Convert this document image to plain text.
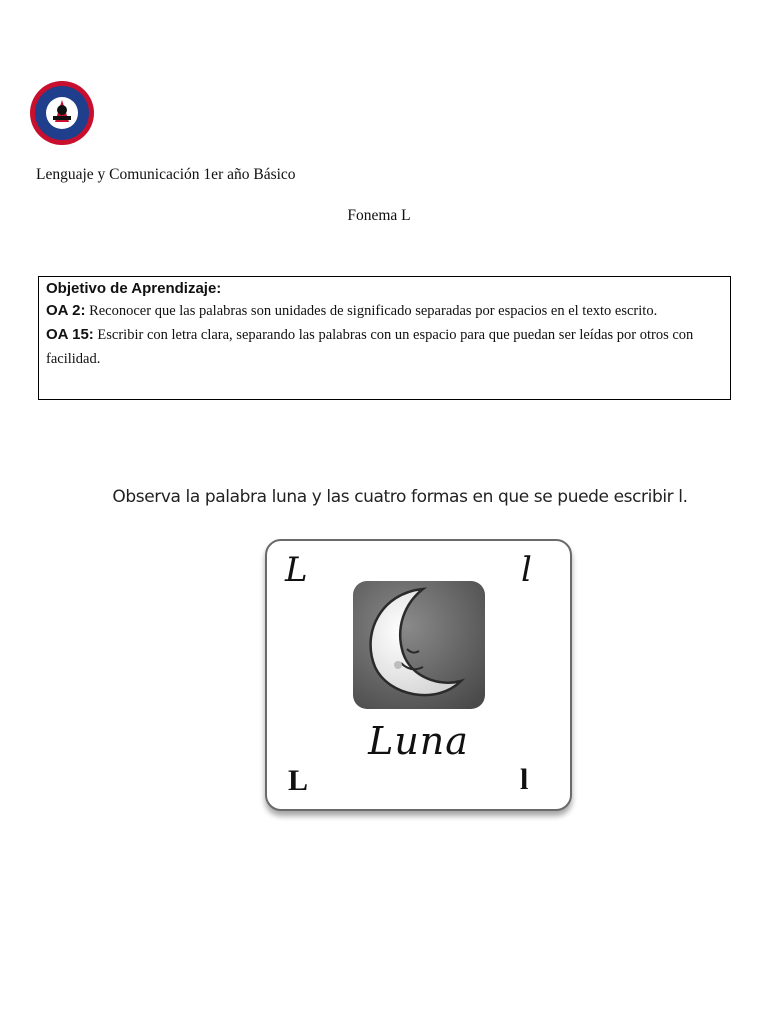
Lenguaje y Comunicación 1er año Básico
Fonema L
Objetivo de Aprendizaje:
OA 2: Reconocer que las palabras son unidades de significado separadas por espacios en el texto escrito.
OA 15: Escribir con letra clara, separando las palabras con un espacio para que puedan ser leídas por otros con facilidad.
Observa la palabra luna y las cuatro formas en que se puede escribir l.
L	l
Luna
L	l
